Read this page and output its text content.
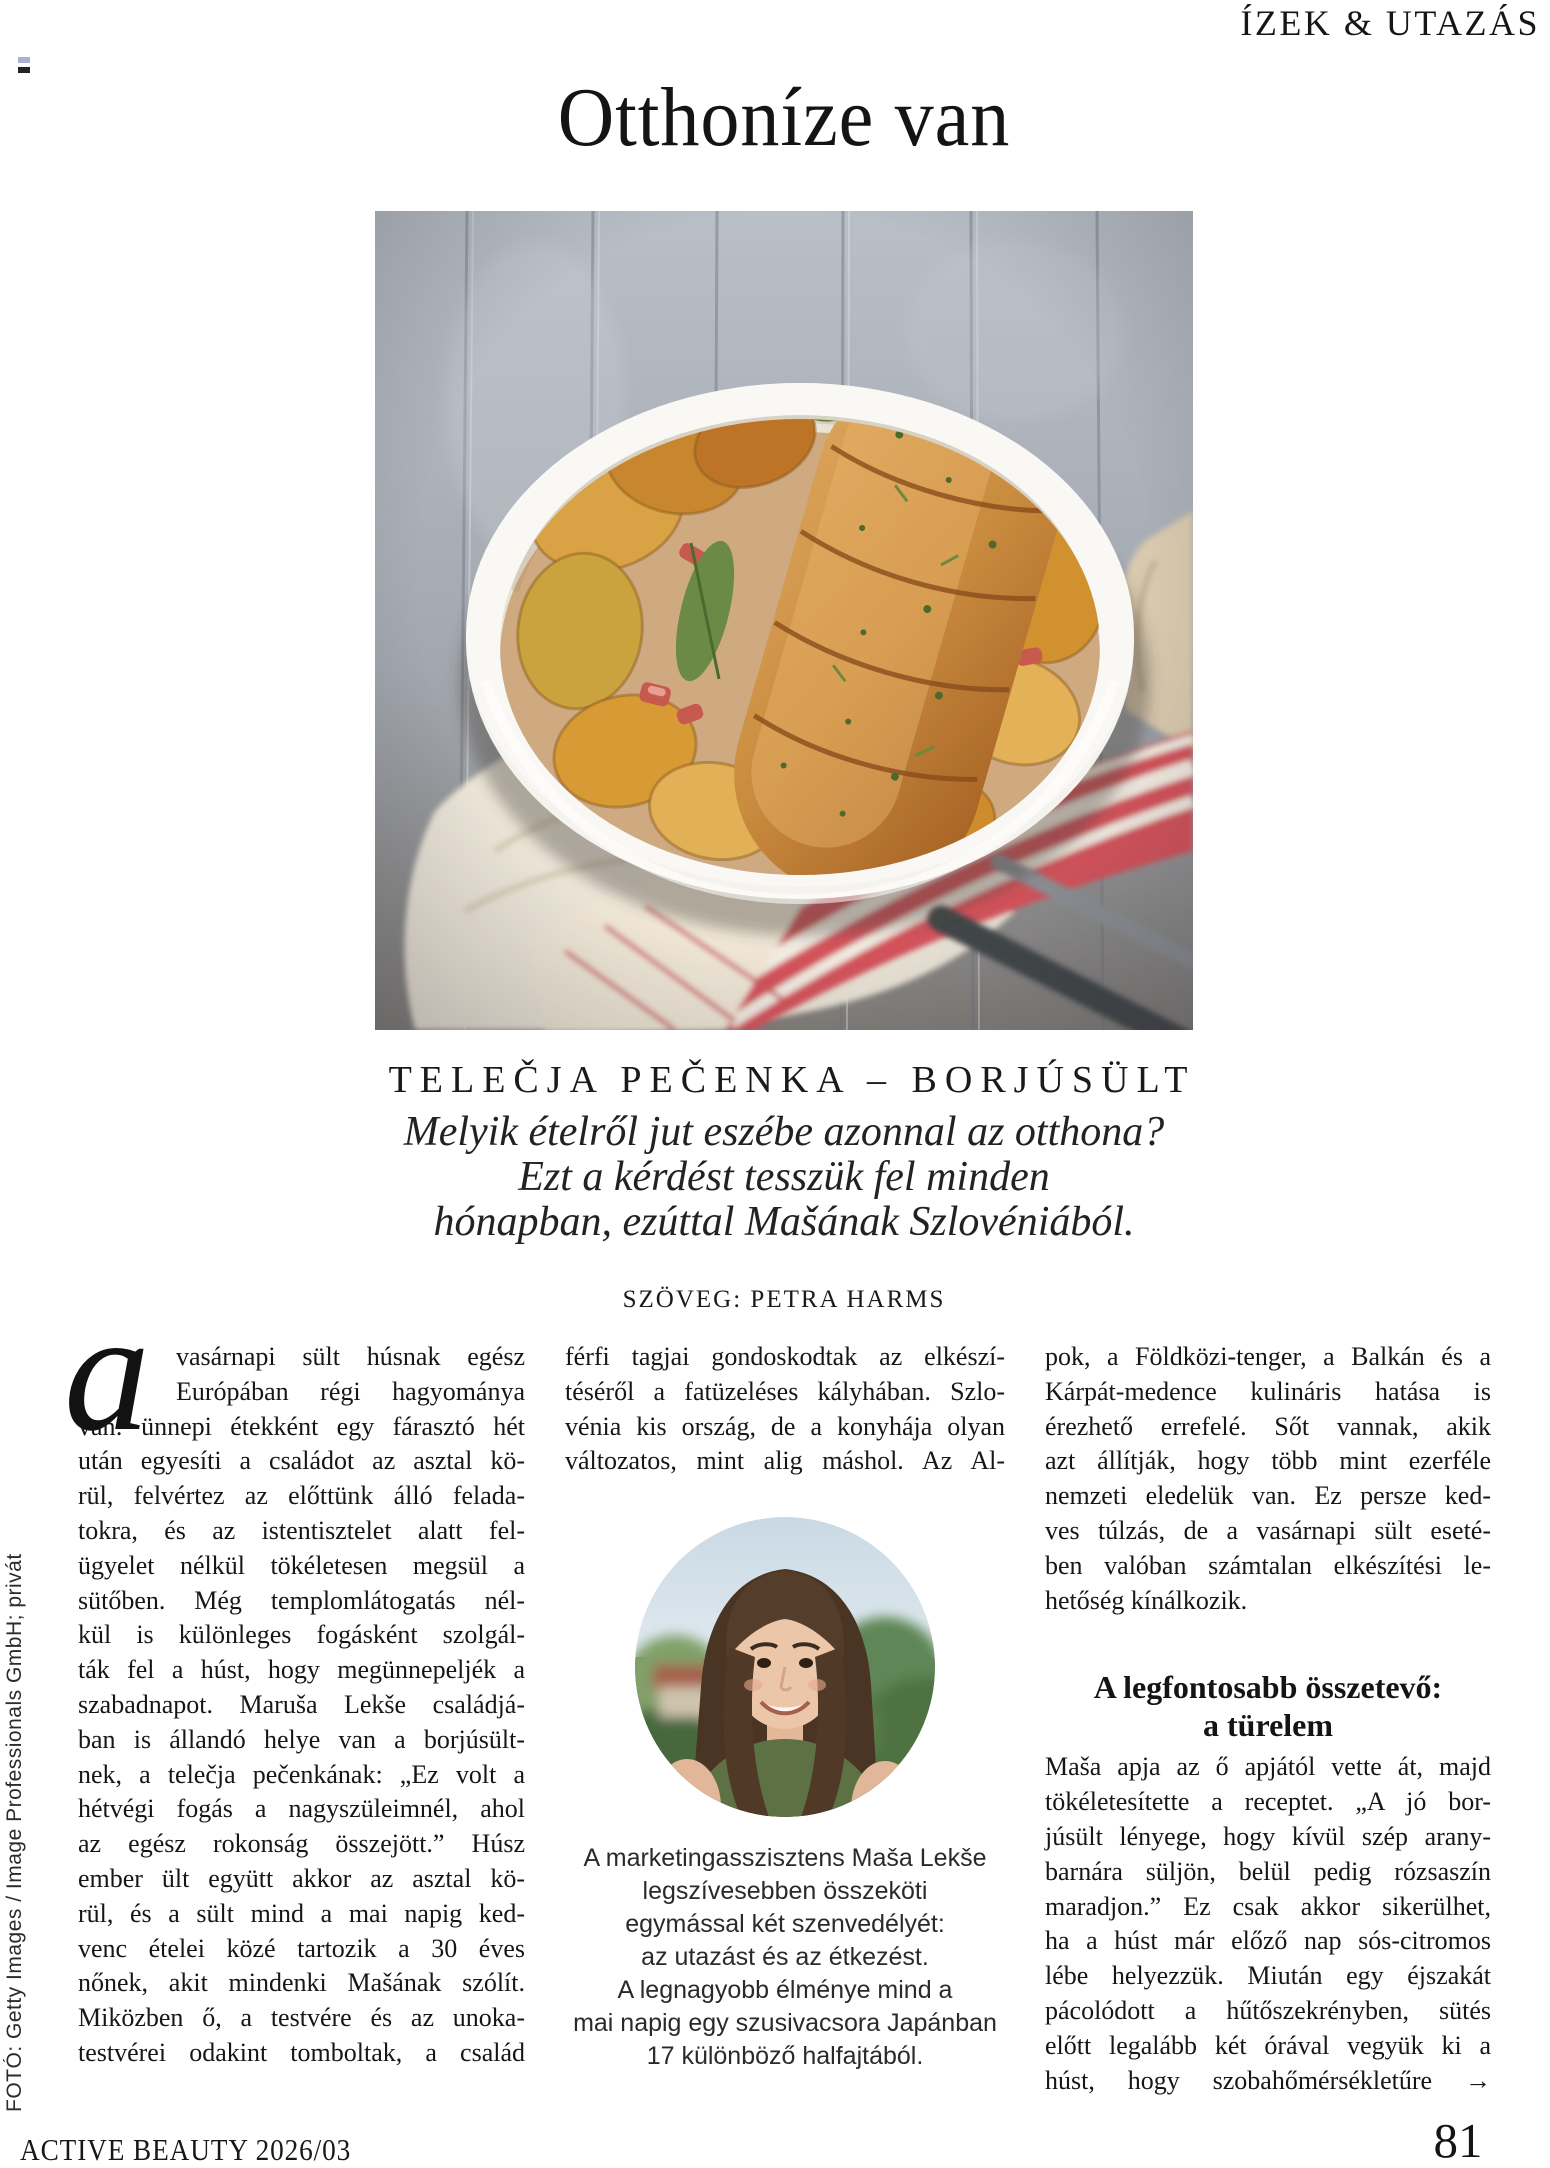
ÍZEK & UTAZÁS
Otthoníze van
TELEČJA PEČENKA – BORJÚSÜLT
Melyik ételről jut eszébe azonnal az otthona?
Ezt a kérdést tesszük fel minden
hónapban, ezúttal Mašának Szlovéniából.
SZÖVEG: PETRA HARMS
a	vasárnapi sült húsnak egész
Európában régi hagyománya
van: ünnepi étekként egy fárasztó hét
után egyesíti a családot az asztal kö-
rül, felvértez az előttünk álló felada-
tokra, és az istentisztelet alatt fel-
ügyelet nélkül tökéletesen megsül a
sütőben. Még templomlátogatás nél-
kül is különleges fogásként szolgál-
ták fel a húst, hogy megünnepeljék a
szabadnapot. Maruša Lekše családjá-
ban is állandó helye van a borjúsült-
nek, a telečja pečenkának: „Ez volt a
hétvégi fogás a nagyszüleimnél, ahol
az egész rokonság összejött.” Húsz
ember ült együtt akkor az asztal kö-
rül, és a sült mind a mai napig ked-
venc ételei közé tartozik a 30 éves
nőnek, akit mindenki Mašának szólít.
Miközben ő, a testvére és az unoka-
testvérei odakint tomboltak, a család
férfi tagjai gondoskodtak az elkészí-
téséről a fatüzeléses kályhában. Szlo-
vénia kis ország, de a konyhája olyan
változatos, mint alig máshol. Az Al-
A marketingasszisztens Maša Lekše
legszívesebben összeköti
egymással két szenvedélyét:
az utazást és az étkezést.
A legnagyobb élménye mind a
mai napig egy szusivacsora Japánban
17 különböző halfajtából.
pok, a Földközi-tenger, a Balkán és a
Kárpát-medence kulináris hatása is
érezhető errefelé. Sőt vannak, akik
azt állítják, hogy több mint ezerféle
nemzeti eledelük van. Ez persze ked-
ves túlzás, de a vasárnapi sült eseté-
ben valóban számtalan elkészítési le-
hetőség kínálkozik.
A legfontosabb összetevő:
a türelem
Maša apja az ő apjától vette át, majd
tökéletesítette a receptet. „A jó bor-
júsült lényege, hogy kívül szép arany-
barnára süljön, belül pedig rózsaszín
maradjon.” Ez csak akkor sikerülhet,
ha a húst már előző nap sós-citromos
lébe helyezzük. Miután egy éjszakát
pácolódott a hűtőszekrényben, sütés
előtt legalább két órával vegyük ki a
húst, hogy szobahőmérsékletűre →
FOTÓ: Getty Images / Image Professionals GmbH; privát
ACTIVE BEAUTY 2026/03	81
